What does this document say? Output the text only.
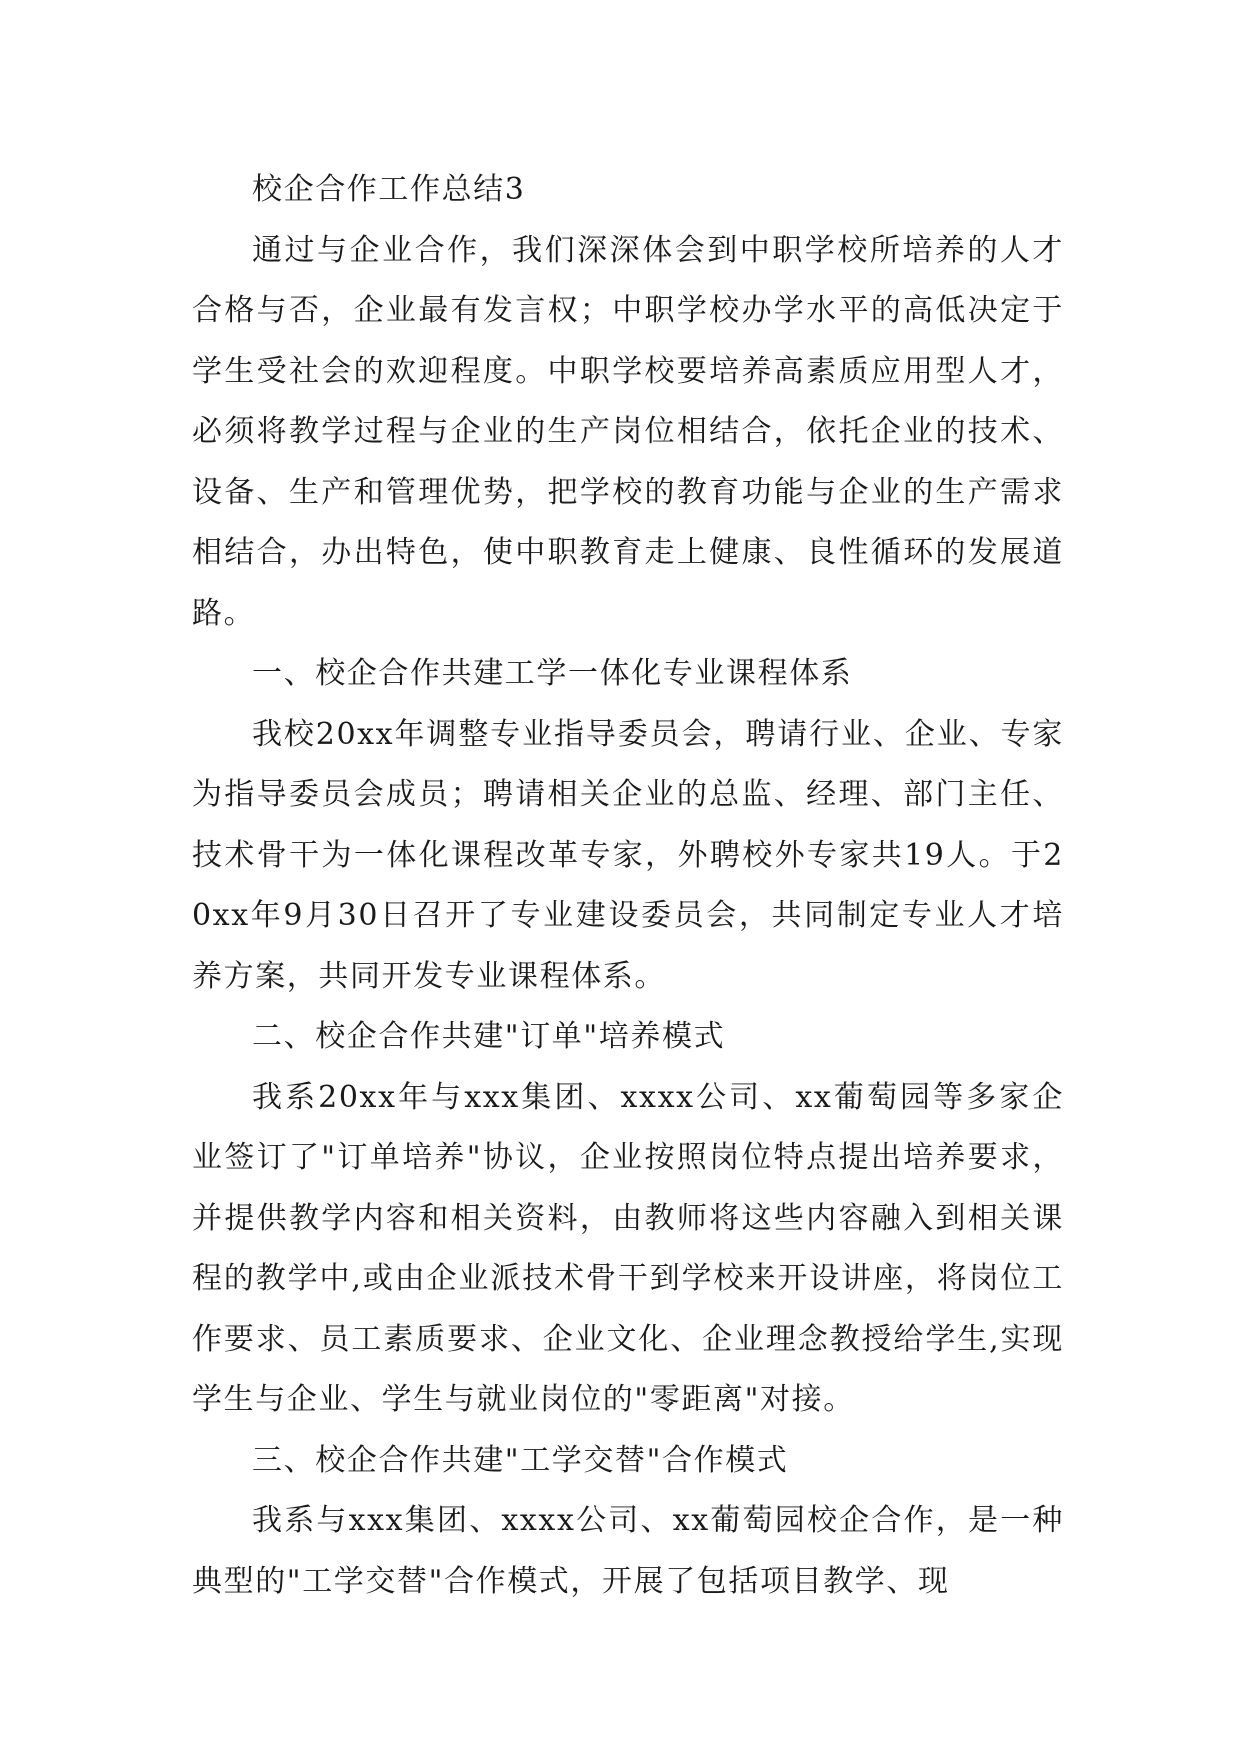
校企合作工作总结3

通过与企业合作，我们深深体会到中职学校所培养的人才合格与否，企业最有发言权；中职学校办学水平的高低决定于学生受社会的欢迎程度。中职学校要培养高素质应用型人才，必须将教学过程与企业的生产岗位相结合，依托企业的技术、设备、生产和管理优势，把学校的教育功能与企业的生产需求相结合，办出特色，使中职教育走上健康、良性循环的发展道路。

一、校企合作共建工学一体化专业课程体系

我校20xx年调整专业指导委员会，聘请行业、企业、专家为指导委员会成员；聘请相关企业的总监、经理、部门主任、技术骨干为一体化课程改革专家，外聘校外专家共19人。于20xx年9月30日召开了专业建设委员会，共同制定专业人才培养方案，共同开发专业课程体系。

二、校企合作共建"订单"培养模式

我系20xx年与xxx集团、xxxx公司、xx葡萄园等多家企业签订了"订单培养"协议，企业按照岗位特点提出培养要求，并提供教学内容和相关资料，由教师将这些内容融入到相关课程的教学中,或由企业派技术骨干到学校来开设讲座，将岗位工作要求、员工素质要求、企业文化、企业理念教授给学生,实现学生与企业、学生与就业岗位的"零距离"对接。

三、校企合作共建"工学交替"合作模式

我系与xxx集团、xxxx公司、xx葡萄园校企合作，是一种典型的"工学交替"合作模式，开展了包括项目教学、现
